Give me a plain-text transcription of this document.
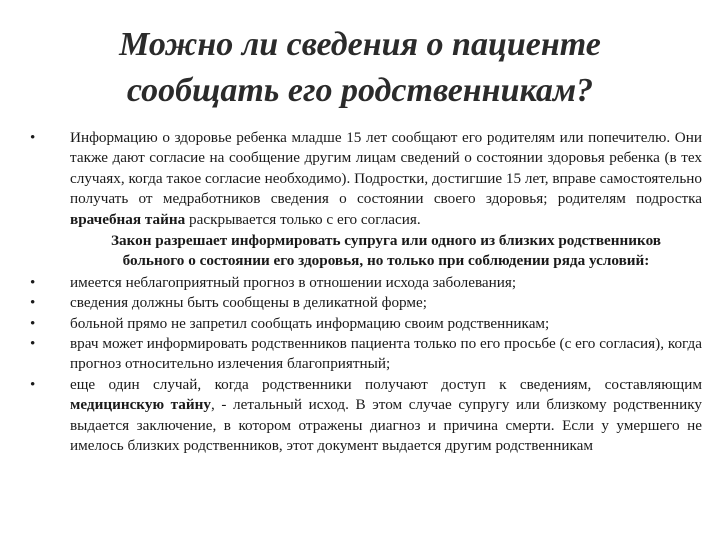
Можно ли сведения о пациенте
сообщать его родственникам?
•	Информацию о здоровье ребенка младше 15 лет сообщают его родителям или попечителю. Они также дают согласие на сообщение другим лицам сведений о состоянии здоровья ребенка (в тех случаях, когда такое согласие необходимо). Подростки, достигшие 15 лет, вправе самостоятельно получать от медработников сведения о состоянии своего здоровья; родителям подростка врачебная тайна раскрывается только с его согласия.
Закон разрешает информировать супруга или одного из близких родственников
больного о состоянии его здоровья, но только при соблюдении ряда условий:
•	имеется неблагоприятный прогноз в отношении исхода заболевания;
•	сведения должны быть сообщены в деликатной форме;
•	больной прямо не запретил сообщать информацию своим родственникам;
•	врач может информировать родственников пациента только по его просьбе (с его согласия), когда прогноз относительно излечения благоприятный;
•	еще один случай, когда родственники получают доступ к сведениям, составляющим медицинскую тайну, - летальный исход. В этом случае супругу или близкому родственнику выдается заключение, в котором отражены диагноз и причина смерти. Если у умершего не имелось близких родственников, этот документ выдается другим родственникам
